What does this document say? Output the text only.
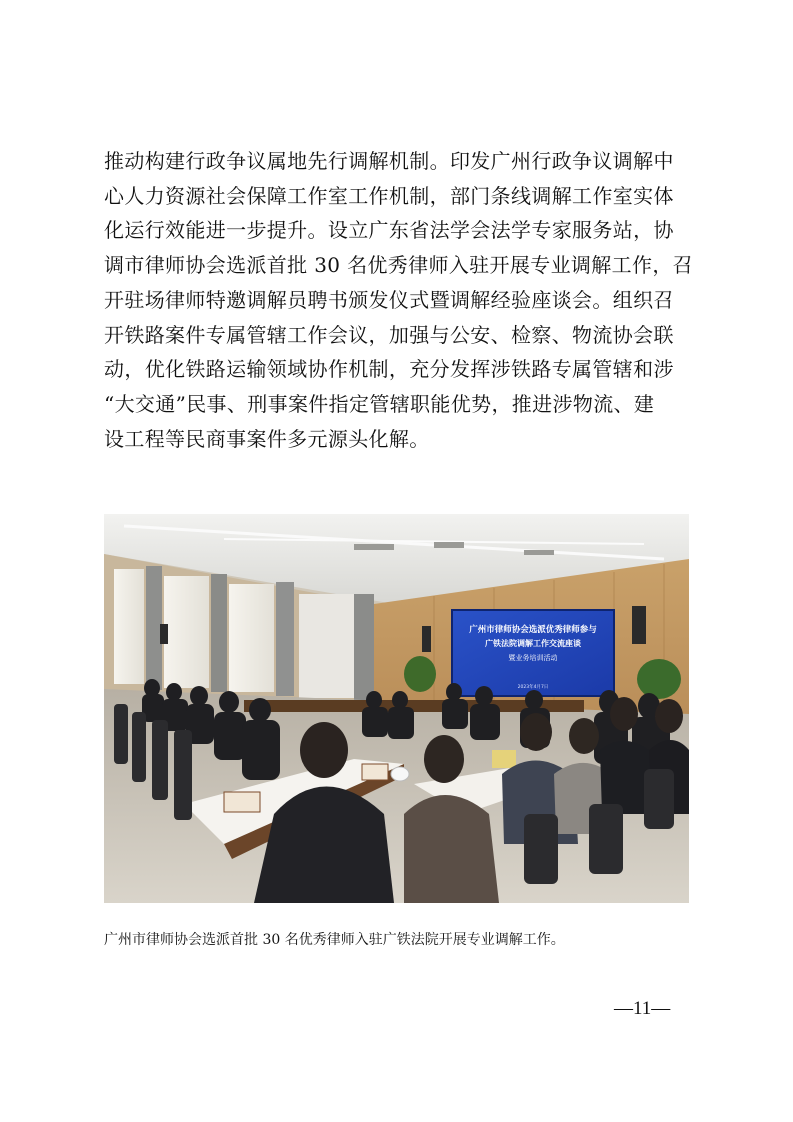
推动构建行政争议属地先行调解机制。印发广州行政争议调解中
心人力资源社会保障工作室工作机制，部门条线调解工作室实体
化运行效能进一步提升。设立广东省法学会法学专家服务站，协
调市律师协会选派首批 30 名优秀律师入驻开展专业调解工作，召
开驻场律师特邀调解员聘书颁发仪式暨调解经验座谈会。组织召
开铁路案件专属管辖工作会议，加强与公安、检察、物流协会联
动，优化铁路运输领域协作机制，充分发挥涉铁路专属管辖和涉
“大交通”民事、刑事案件指定管辖职能优势，推进涉物流、建
设工程等民商事案件多元源头化解。
广州市律师协会选派优秀律师参与
广铁法院调解工作交流座谈
暨业务培训活动
2023年4月7日
广州市律师协会选派首批 30 名优秀律师入驻广铁法院开展专业调解工作。
—11—
